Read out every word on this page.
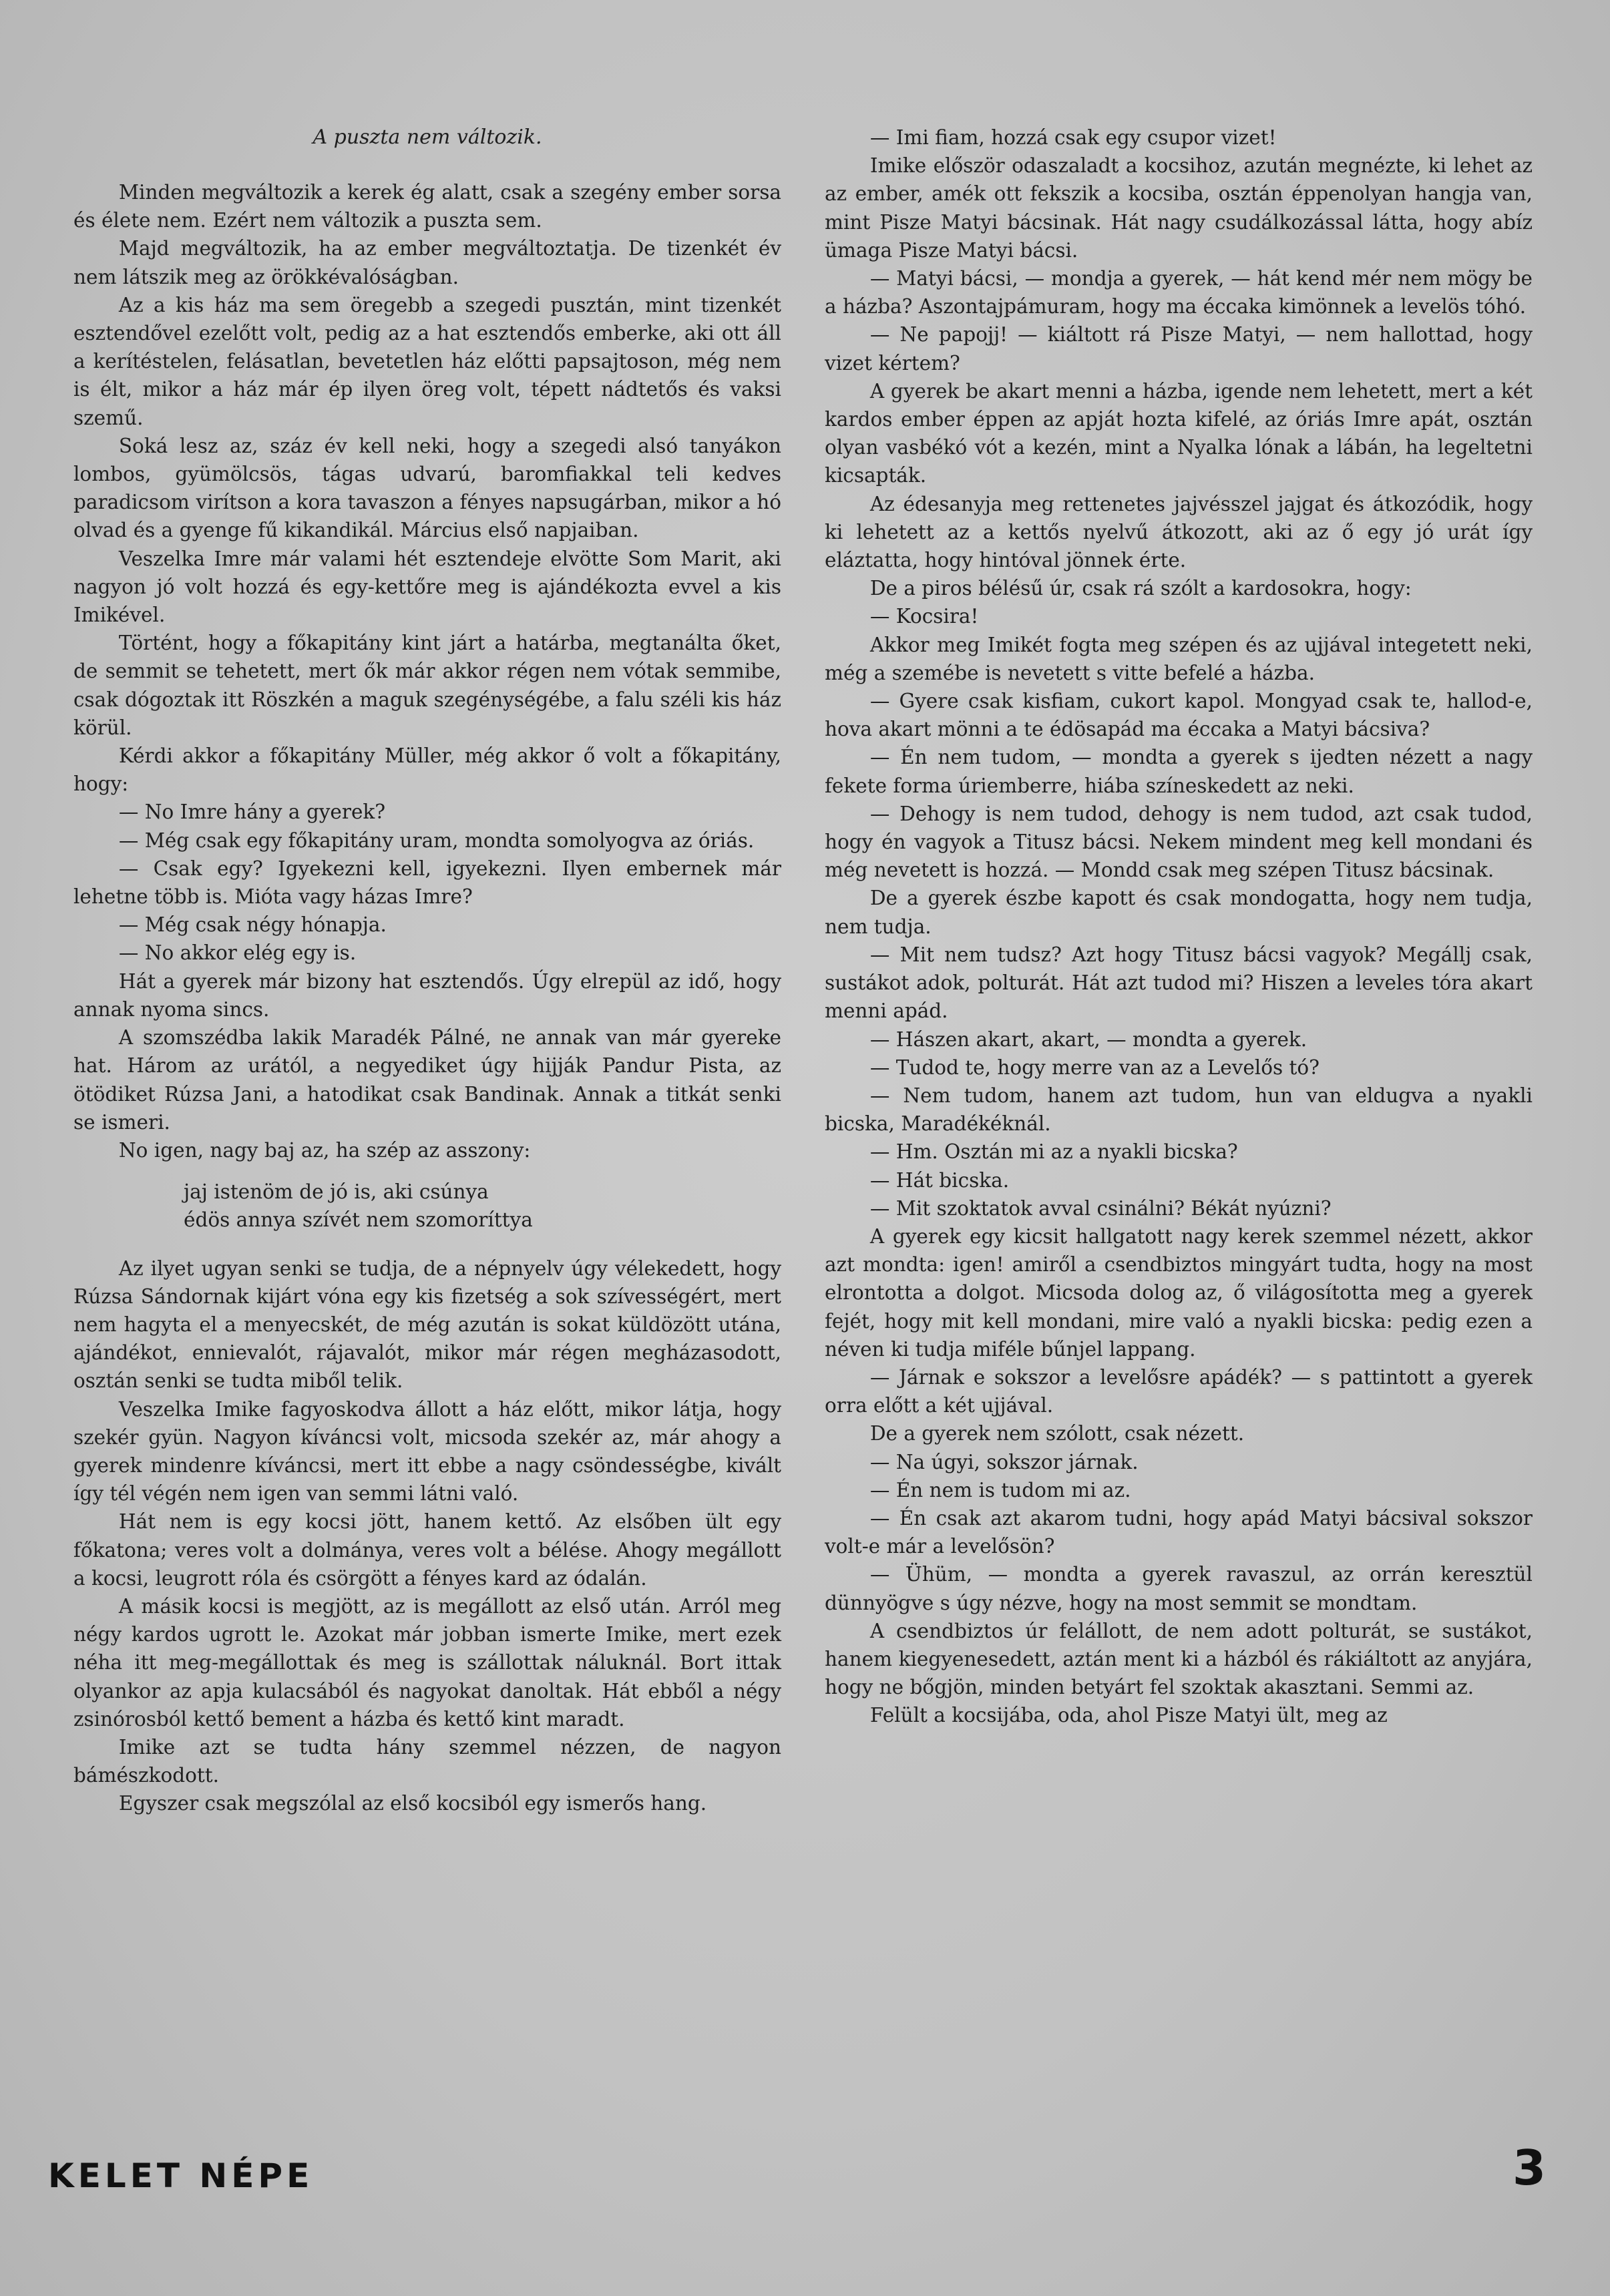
A puszta nem változik.

Minden megváltozik a kerek ég alatt, csak a szegény ember sorsa és élete nem. Ezért nem változik a puszta sem.

Majd megváltozik, ha az ember megváltoztatja. De tizenkét év nem látszik meg az örökkévalóságban.

Az a kis ház ma sem öregebb a szegedi pusztán, mint tizenkét esztendővel ezelőtt volt, pedig az a hat esztendős emberke, aki ott áll a kerítéstelen, felásatlan, bevetetlen ház előtti papsajtoson, még nem is élt, mikor a ház már ép ilyen öreg volt, tépett nádtetős és vaksi szemű.

Soká lesz az, száz év kell neki, hogy a szegedi alsó tanyákon lombos, gyümölcsös, tágas udvarú, baromfiakkal teli kedves paradicsom virítson a kora tavaszon a fényes napsugárban, mikor a hó olvad és a gyenge fű kikandikál. Március első napjaiban.

Veszelka Imre már valami hét esztendeje elvötte Som Marit, aki nagyon jó volt hozzá és egy-kettőre meg is ajándékozta evvel a kis Imikével.

Történt, hogy a főkapitány kint járt a határba, megtanálta őket, de semmit se tehetett, mert ők már akkor régen nem vótak semmibe, csak dógoztak itt Röszkén a maguk szegénységébe, a falu széli kis ház körül.

Kérdi akkor a főkapitány Müller, még akkor ő volt a főkapitány, hogy:

— No Imre hány a gyerek?

— Még csak egy főkapitány uram, mondta somolyogva az óriás.

— Csak egy? Igyekezni kell, igyekezni. Ilyen embernek már lehetne több is. Mióta vagy házas Imre?

— Még csak négy hónapja.

— No akkor elég egy is.

Hát a gyerek már bizony hat esztendős. Úgy elrepül az idő, hogy annak nyoma sincs.

A szomszédba lakik Maradék Pálné, ne annak van már gyereke hat. Három az urától, a negyediket úgy hijják Pandur Pista, az ötödiket Rúzsa Jani, a hatodikat csak Bandinak. Annak a titkát senki se ismeri.

No igen, nagy baj az, ha szép az asszony:

jaj istenöm de jó is, aki csúnya
édös annya szívét nem szomoríttya

Az ilyet ugyan senki se tudja, de a népnyelv úgy vélekedett, hogy Rúzsa Sándornak kijárt vóna egy kis fizetség a sok szívességért, mert nem hagyta el a menyecskét, de még azután is sokat küldözött utána, ajándékot, ennievalót, rájavalót, mikor már régen megházasodott, osztán senki se tudta miből telik.

Veszelka Imike fagyoskodva állott a ház előtt, mikor látja, hogy szekér gyün. Nagyon kíváncsi volt, micsoda szekér az, már ahogy a gyerek mindenre kíváncsi, mert itt ebbe a nagy csöndességbe, kivált így tél végén nem igen van semmi látni való.

Hát nem is egy kocsi jött, hanem kettő. Az elsőben ült egy főkatona; veres volt a dolmánya, veres volt a bélése. Ahogy megállott a kocsi, leugrott róla és csörgött a fényes kard az ódalán.

A másik kocsi is megjött, az is megállott az első után. Arról meg négy kardos ugrott le. Azokat már jobban ismerte Imike, mert ezek néha itt meg-megállottak és meg is szállottak náluknál. Bort ittak olyankor az apja kulacsából és nagyokat danoltak. Hát ebből a négy zsinórosból kettő bement a házba és kettő kint maradt.

Imike azt se tudta hány szemmel nézzen, de nagyon bámészkodott.

Egyszer csak megszólal az első kocsiból egy ismerős hang.

— Imi fiam, hozzá csak egy csupor vizet!

Imike először odaszaladt a kocsihoz, azután megnézte, ki lehet az az ember, amék ott fekszik a kocsiba, osztán éppenolyan hangja van, mint Pisze Matyi bácsinak. Hát nagy csudálkozással látta, hogy abíz ümaga Pisze Matyi bácsi.

— Matyi bácsi, — mondja a gyerek, — hát kend mér nem mögy be a házba? Aszontajpámuram, hogy ma éccaka kimönnek a levelös tóhó.

— Ne papojj! — kiáltott rá Pisze Matyi, — nem hallottad, hogy vizet kértem?

A gyerek be akart menni a házba, igende nem lehetett, mert a két kardos ember éppen az apját hozta kifelé, az óriás Imre apát, osztán olyan vasbékó vót a kezén, mint a Nyalka lónak a lábán, ha legeltetni kicsapták.

Az édesanyja meg rettenetes jajvésszel jajgat és átkozódik, hogy ki lehetett az a kettős nyelvű átkozott, aki az ő egy jó urát így eláztatta, hogy hintóval jönnek érte.

De a piros bélésű úr, csak rá szólt a kardosokra, hogy:

— Kocsira!

Akkor meg Imikét fogta meg szépen és az ujjával integetett neki, még a szemébe is nevetett s vitte befelé a házba.

— Gyere csak kisfiam, cukort kapol. Mongyad csak te, hallod-e, hova akart mönni a te édösapád ma éccaka a Matyi bácsiva?

— Én nem tudom, — mondta a gyerek s ijedten nézett a nagy fekete forma úriemberre, hiába színeskedett az neki.

— Dehogy is nem tudod, dehogy is nem tudod, azt csak tudod, hogy én vagyok a Titusz bácsi. Nekem mindent meg kell mondani és még nevetett is hozzá. — Mondd csak meg szépen Titusz bácsinak.

De a gyerek észbe kapott és csak mondogatta, hogy nem tudja, nem tudja.

— Mit nem tudsz? Azt hogy Titusz bácsi vagyok? Megállj csak, sustákot adok, polturát. Hát azt tudod mi? Hiszen a leveles tóra akart menni apád.

— Hászen akart, akart, — mondta a gyerek.

— Tudod te, hogy merre van az a Levelős tó?

— Nem tudom, hanem azt tudom, hun van eldugva a nyakli bicska, Maradékéknál.

— Hm. Osztán mi az a nyakli bicska?

— Hát bicska.

— Mit szoktatok avval csinálni? Békát nyúzni?

A gyerek egy kicsit hallgatott nagy kerek szemmel nézett, akkor azt mondta: igen! amiről a csendbiztos mingyárt tudta, hogy na most elrontotta a dolgot. Micsoda dolog az, ő világosította meg a gyerek fejét, hogy mit kell mondani, mire való a nyakli bicska: pedig ezen a néven ki tudja miféle bűnjel lappang.

— Járnak e sokszor a levelősre apádék? — s pattintott a gyerek orra előtt a két ujjával.

De a gyerek nem szólott, csak nézett.

— Na úgyi, sokszor járnak.

— Én nem is tudom mi az.

— Én csak azt akarom tudni, hogy apád Matyi bácsival sokszor volt-e már a levelősön?

— Ühüm, — mondta a gyerek ravaszul, az orrán keresztül dünnyögve s úgy nézve, hogy na most semmit se mondtam.

A csendbiztos úr felállott, de nem adott polturát, se sustákot, hanem kiegyenesedett, aztán ment ki a házból és rákiáltott az anyjára, hogy ne bőgjön, minden betyárt fel szoktak akasztani. Semmi az.

Felült a kocsijába, oda, ahol Pisze Matyi ült, meg az

KELET NÉPE	3
